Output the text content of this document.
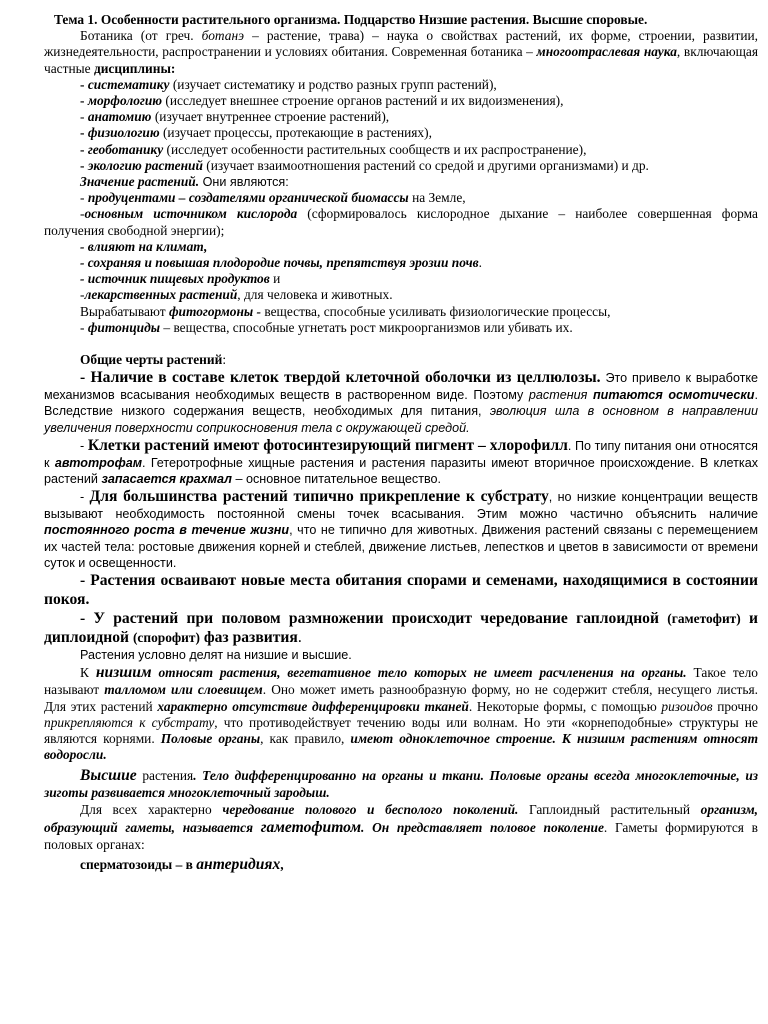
Тема 1. Особенности растительного организма. Подцарство Низшие растения. Высшие споровые.

Ботаника (от греч. ботанэ – растение, трава) – наука о свойствах растений, их форме, строении, развитии, жизнедеятельности, распространении и условиях обитания. Современная ботаника – многоотраслевая наука, включающая частные дисциплины:

- систематику (изучает систематику и родство разных групп растений),

- морфологию (исследует внешнее строение органов растений и их видоизменения),

- анатомию (изучает внутреннее строение растений),

- физиологию (изучает процессы, протекающие в растениях),

- геоботанику (исследует особенности растительных сообществ и их распространение),

- экологию растений (изучает взаимоотношения растений со средой и другими организмами) и др.

Значение растений. Они являются:

- продуцентами – создателями органической биомассы на Земле,

-основным источником кислорода (сформировалось кислородное дыхание – наиболее совершенная форма получения свободной энергии);

- влияют на климат,

- сохраняя и повышая плодородие почвы, препятствуя эрозии почв.

- источник пищевых продуктов и

-лекарственных растений, для человека и животных.

Вырабатывают фитогормоны - вещества, способные усиливать физиологические процессы,

- фитонциды – вещества, способные угнетать рост микроорганизмов или убивать их.

Общие черты растений:

- Наличие в составе клеток твердой клеточной оболочки из целлюлозы. Это привело к выработке механизмов всасывания необходимых веществ в растворенном виде. Поэтому растения питаются осмотически. Вследствие низкого содержания веществ, необходимых для питания, эволюция шла в основном в направлении увеличения поверхности соприкосновения тела с окружающей средой.

- Клетки растений имеют фотосинтезирующий пигмент – хлорофилл. По типу питания они относятся к автотрофам. Гетеротрофные хищные растения и растения паразиты имеют вторичное происхождение. В клетках растений запасается крахмал – основное питательное вещество.

- Для большинства растений типично прикрепление к субстрату, но низкие концентрации веществ вызывают необходимость постоянной смены точек всасывания. Этим можно частично объяснить наличие постоянного роста в течение жизни, что не типично для животных. Движения растений связаны с перемещением их частей тела: ростовые движения корней и стеблей, движение листьев, лепестков и цветов в зависимости от времени суток и освещенности.

- Растения осваивают новые места обитания спорами и семенами, находящимися в состоянии покоя.

- У растений при половом размножении происходит чередование гаплоидной (гаметофит) и диплоидной (спорофит) фаз развития.

Растения условно делят на низшие и высшие.

К низшим относят растения, вегетативное тело которых не имеет расчленения на органы. Такое тело называют талломом или слоевищем. Оно может иметь разнообразную форму, но не содержит стебля, несущего листья. Для этих растений характерно отсутствие дифференцировки тканей. Некоторые формы, с помощью ризоидов прочно прикрепляются к субстрату, что противодействует течению воды или волнам. Но эти «корнеподобные» структуры не являются корнями. Половые органы, как правило, имеют одноклеточное строение. К низшим растениям относят водоросли.

Высшие растения. Тело дифференцированно на органы и ткани. Половые органы всегда многоклеточные, из зиготы развивается многоклеточный зародыш.

Для всех характерно чередование полового и бесполого поколений. Гаплоидный растительный организм, образующий гаметы, называется гаметофитом. Он представляет половое поколение. Гаметы формируются в половых органах:

сперматозоиды – в антеридиях,
